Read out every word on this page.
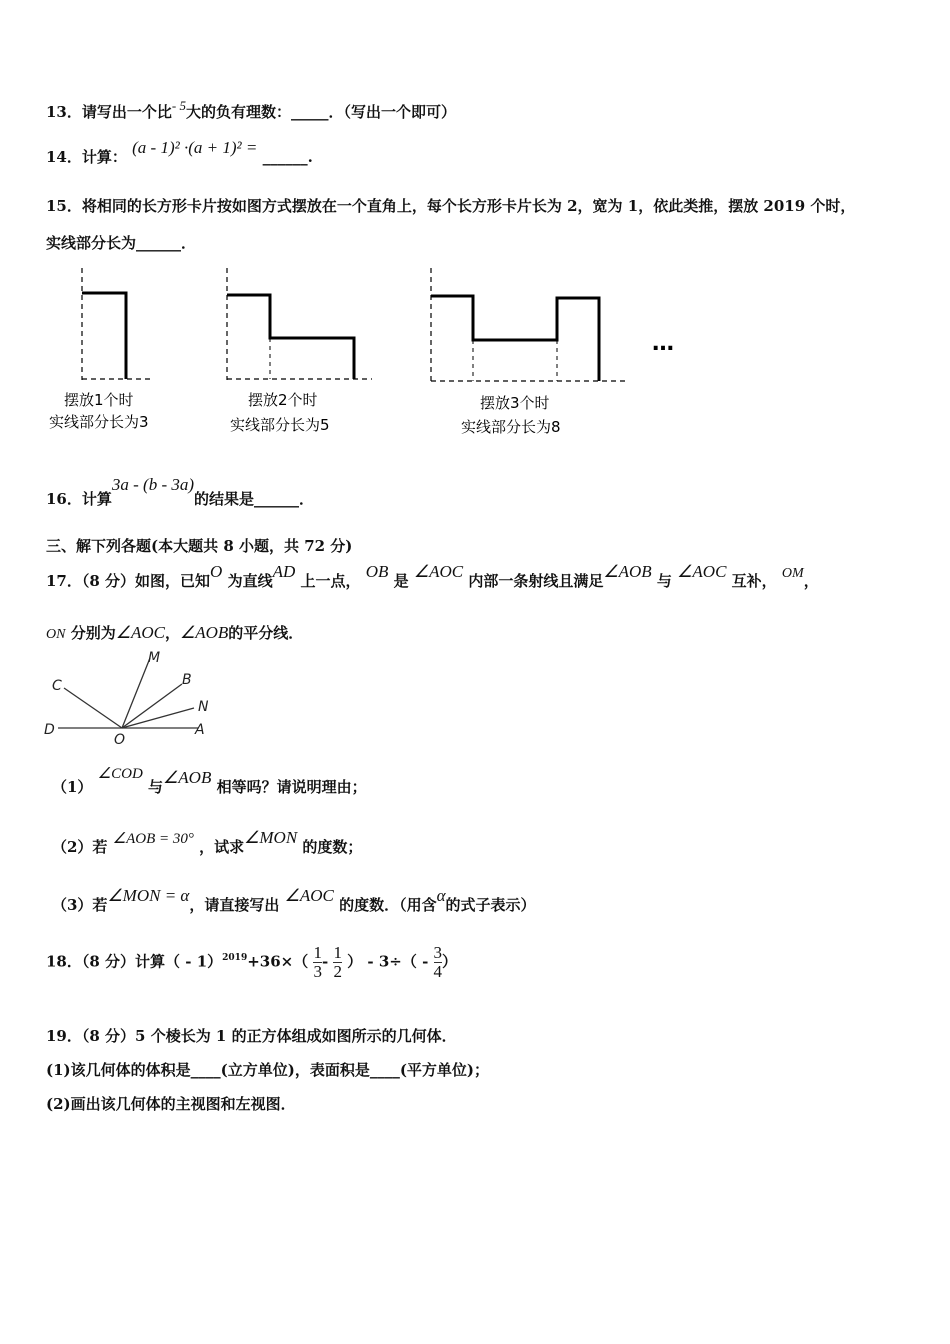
13．请写出一个比- 5大的负有理数：_____．（写出一个即可）
14．计算： (a - 1)² ·(a + 1)² = ______.
15．将相同的长方形卡片按如图方式摆放在一个直角上，每个长方形卡片长为 2，宽为 1，依此类推，摆放 2019 个时，
实线部分长为______．
…
摆放1个时
实线部分长为3
摆放2个时
实线部分长为5
摆放3个时
实线部分长为8
16．计算3a - (b - 3a)的结果是______．
三、解下列各题(本大题共 8 小题，共 72 分)
17．（8 分）如图，已知O 为直线AD 上一点， OB 是 ∠AOC 内部一条射线且满足∠AOB 与 ∠AOC 互补， OM，
ON 分别为∠AOC，∠AOB的平分线．
C
M
B
N
D
O
A
（1） ∠COD 与∠AOB 相等吗？请说明理由；
（2）若 ∠AOB = 30° ，试求∠MON 的度数；
（3）若∠MON = α，请直接写出 ∠AOC 的度数．（用含α的式子表示）
18．（8 分）计算（ - $1)^{2019}+36\times( \frac{1}{3} - \frac{1}{2}$ ） - $3\div( - \frac{3}{4}$ ）
19．（8 分）5 个棱长为 1 的正方体组成如图所示的几何体．
(1)该几何体的体积是____(立方单位)，表面积是____(平方单位)；
(2)画出该几何体的主视图和左视图．
